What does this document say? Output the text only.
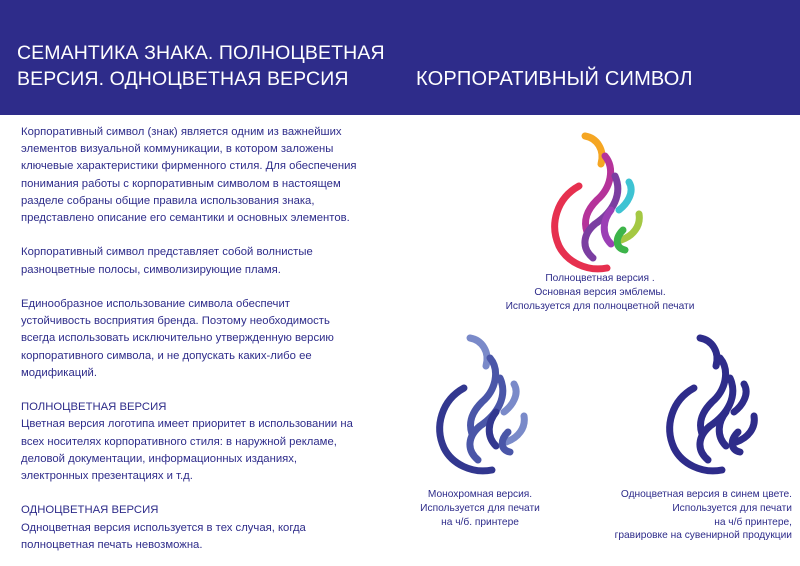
СЕМАНТИКА ЗНАКА. ПОЛНОЦВЕТНАЯ
ВЕРСИЯ. ОДНОЦВЕТНАЯ ВЕРСИЯ	КОРПОРАТИВНЫЙ СИМВОЛ

Корпоративный символ (знак) является одним из важнейших
элементов визуальной коммуникации, в котором заложены
ключевые характеристики фирменного стиля. Для обеспечения
понимания работы с корпоративным символом в настоящем
разделе собраны общие правила использования знака,
представлено описание его семантики и основных элементов.

Корпоративный символ представляет собой волнистые
разноцветные полосы, символизирующие пламя.

Единообразное использование символа обеспечит
устойчивость восприятия бренда. Поэтому необходимость
всегда использовать исключительно утвержденную версию
корпоративного символа, и не допускать каких-либо ее
модификаций.

ПОЛНОЦВЕТНАЯ ВЕРСИЯ
Цветная версия логотипа имеет приоритет в использовании на
всех носителях корпоративного стиля: в наружной рекламе,
деловой документации, информационных изданиях,
электронных презентациях и т.д.

ОДНОЦВЕТНАЯ ВЕРСИЯ
Одноцветная версия используется в тех случая, когда
полноцветная печать невозможна.

Полноцветная версия .
Основная версия эмблемы.
Используется для полноцветной печати
Монохромная версия.
Используется для печати
на ч/б. принтере
Одноцветная версия в синем цвете.
Используется для печати
на ч/б принтере,
гравировке на сувенирной продукции
